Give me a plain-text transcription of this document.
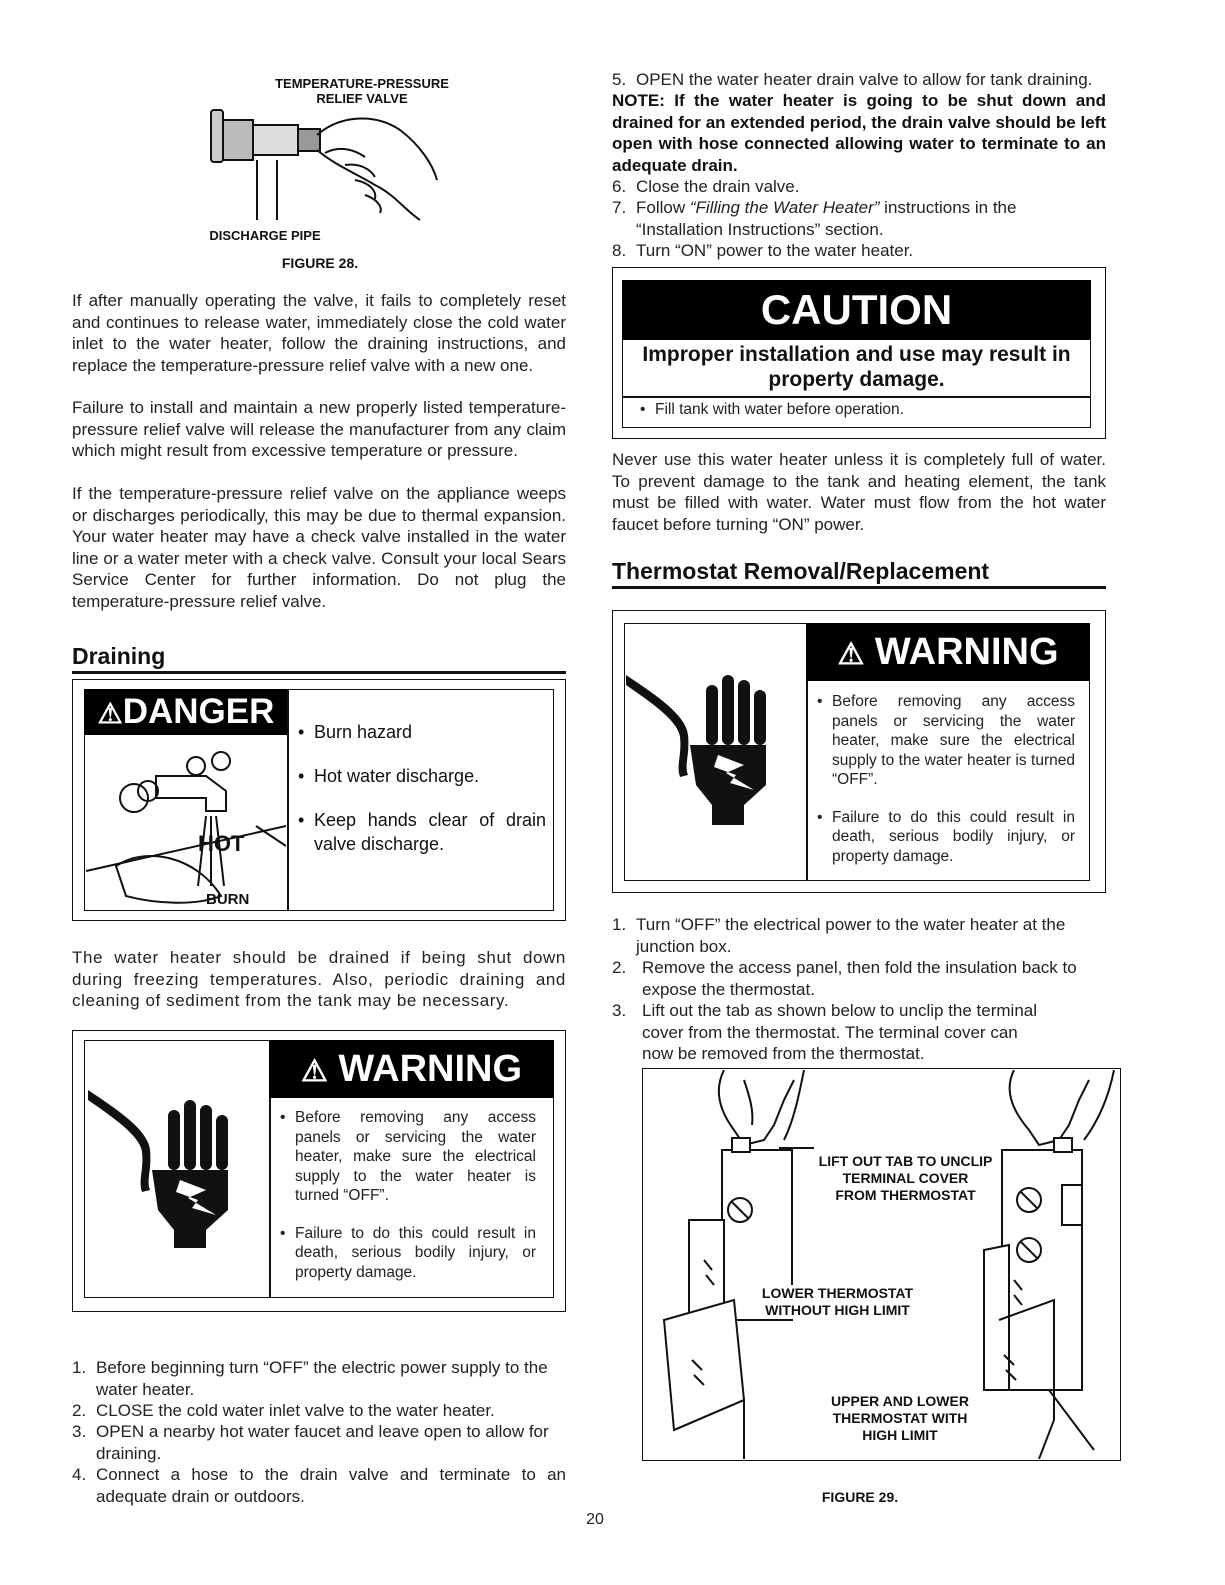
TEMPERATURE-PRESSURE
RELIEF VALVE
DISCHARGE PIPE
FIGURE 28.
If after manually operating the valve, it fails to completely reset and continues to release water, immediately close the cold water inlet to the water heater, follow the draining instructions, and replace the temperature-pressure relief valve with a new one.
Failure to install and maintain a new properly listed temperature-pressure relief valve will release the manufacturer from any claim which might result from excessive temperature or pressure.
If the temperature-pressure relief valve on the appliance weeps or discharges periodically, this may be due to thermal expansion. Your water heater may have a check valve installed in the water line or a water meter with a check valve. Consult your local Sears Service Center for further information. Do not plug the temperature-pressure relief valve.
Draining
⚠DANGER
HOT
BURN
• Burn hazard
• Hot water discharge.
• Keep hands clear of drain valve discharge.
The water heater should be drained if being shut down during freezing temperatures. Also, periodic draining and cleaning of sediment from the tank may be necessary.
⚠ WARNING
• Before removing any access panels or servicing the water heater, make sure the electrical supply to the water heater is turned “OFF”.
• Failure to do this could result in death, serious bodily injury, or property damage.
1. Before beginning turn “OFF” the electric power supply to the water heater.
2. CLOSE the cold water inlet valve to the water heater.
3. OPEN a nearby hot water faucet and leave open to allow for draining.
4. Connect a hose to the drain valve and terminate to an adequate drain or outdoors.
5. OPEN the water heater drain valve to allow for tank draining.
NOTE: If the water heater is going to be shut down and drained for an extended period, the drain valve should be left open with hose connected allowing water to terminate to an adequate drain.
6. Close the drain valve.
7. Follow “Filling the Water Heater” instructions in the “Installation Instructions” section.
8. Turn “ON” power to the water heater.
CAUTION
Improper installation and use may result in property damage.
• Fill tank with water before operation.
Never use this water heater unless it is completely full of water. To prevent damage to the tank and heating element, the tank must be filled with water. Water must flow from the hot water faucet before turning “ON” power.
Thermostat Removal/Replacement
⚠ WARNING
• Before removing any access panels or servicing the water heater, make sure the electrical supply to the water heater is turned “OFF”.
• Failure to do this could result in death, serious bodily injury, or property damage.
1. Turn “OFF” the electrical power to the water heater at the junction box.
2. Remove the access panel, then fold the insulation back to expose the thermostat.
3. Lift out the tab as shown below to unclip the terminal cover from the thermostat. The terminal cover can now be removed from the thermostat.
LIFT OUT TAB TO UNCLIP
TERMINAL COVER
FROM THERMOSTAT
LOWER THERMOSTAT
WITHOUT HIGH LIMIT
UPPER AND LOWER
THERMOSTAT WITH
HIGH LIMIT
FIGURE 29.
20
